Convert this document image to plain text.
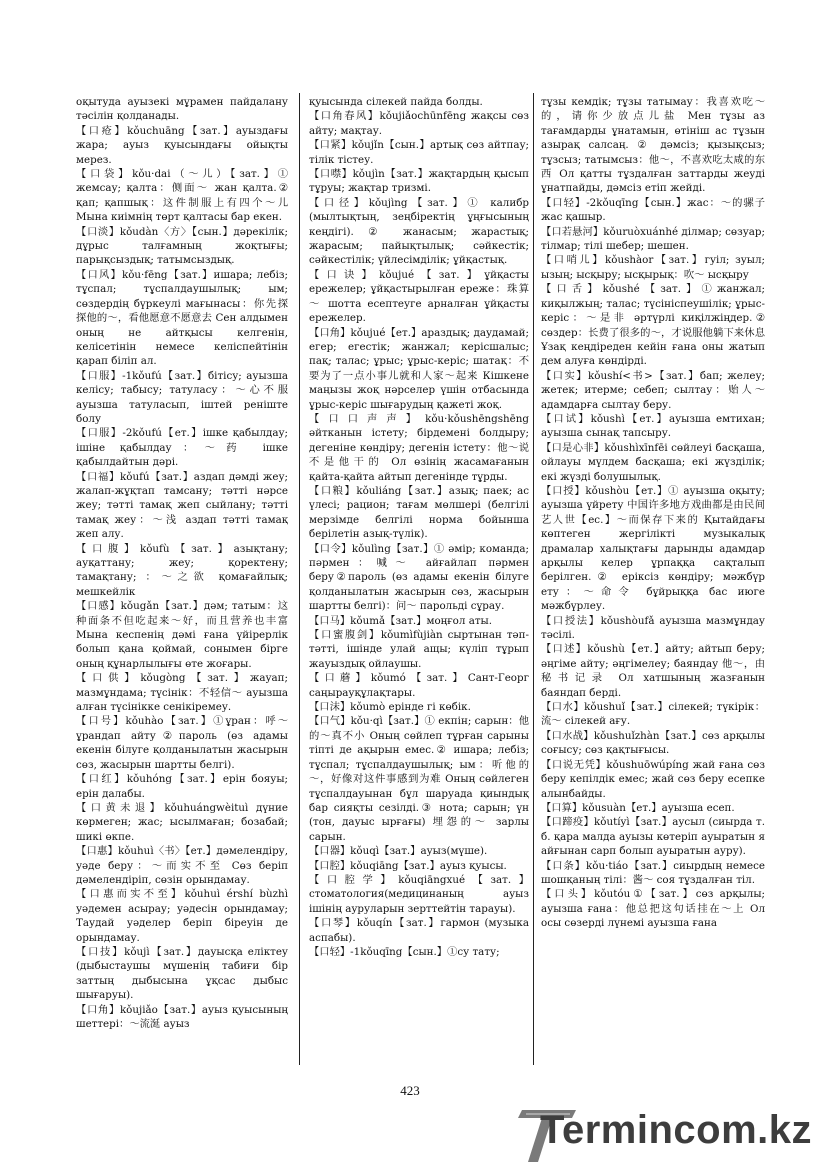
оқытуда ауызекі мұрамен пайдалану тәсілін қолданады.

【口疮】kǒuchuāng【зат.】ауыздағы жара; ауыз қуысындағы ойықты мерез.

【口袋】kǒu·dai（～儿）【зат.】① жемсау; қалта：侧面～ жан қалта.② қап; қапшық：这件制服上有四个～儿 Мына киімнің төрт қалтасы бар екен.

【口淡】kǒudàn〈方〉【сын.】дәрекілік; дұрыс талғамның жоқтығы; парықсыздық; татымсыздық.

【口风】kǒu·fēng【зат.】ишара; лебіз; тұспал; тұспалдаушылық; ым; сөздердің бүркеулі мағынасы：你先探探他的～，看他愿意不愿意去 Сен алдымен оның не айтқысы келгенін, келісетінін немесе келіспейтінін қарап біліп ал.

【口服】-1kǒufú【зат.】бітісу; ауызша келісу; табысу; татуласу：～心不服 ауызша татуласып, іштей реніште болу

【口服】-2kǒufú【ет.】ішке қабылдау; ішіне қабылдау：～药 ішке қабылдайтын дәрі.

【口福】kǒufú【зат.】аздап дәмді жеу; жалап-жұқтап тамсану; тәтті нәрсе жеу; тәтті тамақ жеп сыйлану; тәтті тамақ жеу：～浅 аздап тәтті тамақ жеп алу.

【口腹】kǒufù【зат.】азықтану; ауқаттану; жеу; қоректену; тамақтану; ：～之欲 қомағайлық; мешкейлік

【口感】kǒugǎn【зат.】дәм; татым：这种面条不但吃起来～好，而且营养也丰富 Мына кеспенің дәмі ғана үйірерлік болып қана қоймай, сонымен бірге оның құнарлылығы өте жоғары.

【口供】kǒugòng【зат.】жауап; мазмұндама; түсінік：不轻信～ ауызша алған түсінікке сенікіремеу.

【口号】kǒuhào【зат.】①ұран：呼～ ұрандап айту②пароль (өз адамы екенін білуге қолданылатын жасырын сөз, жасырын шартты белгі).

【口红】kǒuhóng【зат.】ерін бояуы; ерін далабы.

【口黄未退】kǒuhuángwèituì дүние көрмеген; жас; ысылмаған; бозабай; шикі өкпе.

【口惠】kǒuhuì〈书〉【ет.】дәмелендіру, уәде беру：～而实不至 Сөз беріп дәмелендіріп, сөзін орындамау.

【口惠而实不至】kǒuhuì érshí bùzhì уәдемен асырау; уәдесін орындамау; Таудай уәделер беріп біреуін де орындамау.

【口技】kǒujì【зат.】дауысқа еліктеу (дыбыстаушы мүшенің табиғи бір заттың дыбысына ұқсас дыбыс шығаруы).

【口角】kǒujiǎo【зат.】ауыз қуысының шеттері：～流涎 ауыз

қуысында сілекей пайда болды.

【口角春风】kǒujiǎochūnfēng жақсы сөз айту; мақтау.

【口紧】kǒujǐn【сын.】артық сөз айтпау; тілік тістеу.

【口噤】kǒujìn【зат.】жақтардың қысып тұруы; жақтар тризмі.

【口径】kǒujìng【зат.】① калибр (мылтықтың, зеңбіректің ұңғысының кеңдігі). ② жанасым; жарастық; жарасым; пайықтылық; сәйкестік; сәйкестілік; үйлесімділік; ұйқастық.

【口诀】kǒujué【зат.】ұйқасты ережелер; ұйқастырылған ереже：珠算～ шотта есептеуге арналған ұйқасты ережелер.

【口角】kǒujué【ет.】араздық; даудамай; егер; егестік; жанжал; керісшалыс; пақ; талас; ұрыс; ұрыс-керіс; шатақ：不要为了一点小事儿就和人家～起来 Кішкене маңызы жоқ нәрселер үшін отбасында ұрыс-керіс шығарудың қажеті жоқ.

【口口声声】kǒu·kǒushēngshēng әйтканын істету; бірдемені болдыру; дегеніне көндіру; дегенін істету：他～说不是他干的 Ол өзінің жасамағанын қайта-қайта айтып дегенінде тұрды.

【口粮】kǒuliáng【зат.】азық; паек; ас үлесі; рацион; тағам мөлшері (белгілі мерзімде белгілі норма бойынша берілетін азық-түлік).

【口令】kǒulìng【зат.】① әмір; команда; пәрмен：喊～ айғайлап пәрмен беру②пароль (өз адамы екенін білуге қолданылатын жасырын сөз, жасырын шартты белгі)：问～ парольді сұрау.

【口马】kǒumǎ【зат.】моңғол аты.

【口蜜腹剑】kǒumìfùjiàn сыртынан тәп-тәтті, ішінде улай ащы; күліп тұрып жауыздық ойлаушы.

【口蘑】kǒumó【зат.】Сант-Георг саңырауқұлақтары.

【口沫】kǒumò ерінде гі көбік.

【口气】kǒu·qì【зат.】① екпін; сарын：他的～真不小 Оның сөйлеп тұрған сарыны тіпті де ақырын емес.② ишара; лебіз; тұспал; тұспалдаушылық; ым：听他的～，好像对这件事感到为难 Оның сөйлеген тұспалдауынан бұл шаруада қиындық бар сияқты сезілді.③ нота; сарын; үн (тон, дауыс ырғағы) 埋怨的～ зарлы сарын.

【口器】kǒuqì【зат.】ауыз(мүше).

【口腔】kǒuqiāng【зат.】ауыз қуысы.

【口腔学】kǒuqiāngxué【зат.】стоматология(медицинаның ауыз ішінің ауруларын зерттейтін тарауы).

【口琴】kǒuqín【зат.】гармон (музыка аспабы).

【口轻】-1kǒuqīng【сын.】①су тату;

тұзы кемдік; тұзы татымау：我喜欢吃～的，请你少放点儿盐 Мен тұзы аз тағамдарды ұнатамын, өтініш ас тұзын азырақ салсаң. ② дәмсіз; қызықсыз; тұзсыз; татымсыз：他～，不喜欢吃太咸的东西 Ол қатты тұздалған заттарды жеуді ұнатпайды, дәмсіз етіп жейді.

【口轻】-2kǒuqīng【сын.】жас：～的骡子 жас қашыр.

【口若悬河】kǒuruòxuánhé ділмар; сөзуар; тілмар; тілі шебер; шешен.

【口哨儿】kǒushàor【зат.】гуіл; зуыл; ызың; ысқыру; ысқырық：吹～ ысқыру

【口舌】kǒushé【зат.】①жанжал; киқылжың; талас; түсініспеушілік; ұрыс-керіс：～是非 әртүрлі киқілжіңдер.② сөздер：长费了很多的～，才说服他躺下来休息 Ұзақ кеңдіреден кейін ғана оны жатып дем алуға көндірді.

【口实】kǒushí<书>【зат.】бап; желеу; жетек; итерме; себеп; сылтау：贻人～ адамдарға сылтау беру.

【口试】kǒushì【ет.】ауызша емтихан; ауызша сынақ тапсыру.

【口是心非】kǒushìxīnfēi сөйлеуі басқаша, ойлауы мүлдем басқаша; екі жүзділік; екі жүзді болушылық.

【口授】kǒushòu【ет.】① ауызша оқыту; ауызша үйрету 中国许多地方戏曲都是由民间艺人世【ес.】～而保存下来的 Қытайдағы көптеген жергілікті музыкалық драмалар халықтағы дарынды адамдар арқылы келер ұрпаққа сақталып берілген.② еріксіз көндіру; мәжбүр ету：～命令 бұйрыққа бас июге мәжбүрлеу.

【口授法】kǒushòufǎ ауызша мазмұндау тәсілі.

【口述】kǒushù【ет.】айту; айтып беру; әңгіме айту; әңгімелеу; баяндау 他～，由秘书记录 Ол хатшының жазғанын баяндап берді.

【口水】kǒushuǐ【зат.】сілекей; түкірік：流～ сілекей ағу.

【口水战】kǒushuǐzhàn【зат.】сөз арқылы соғысу; сөз қақтығысы.

【口说无凭】kǒushuōwúpíng жай ғана сөз беру кепілдік емес; жай сөз беру есепке алынбайды.

【口算】kǒusuàn【ет.】ауызша есеп.

【口蹄疫】kǒutíyì【зат.】аусыл (сиырда т. б. қара малда ауызы көтеріп ауыратын я айғынан сарп болып ауыратын ауру).

【口条】kǒu·tiáo【зат.】сиырдың немесе шошқаның тілі：酱～ соя тұздалған тіл.

【口头】kǒutóu①【зат.】сөз арқылы; ауызша ғана：他总把这句话挂在～上 Ол осы сөзерді лүнемі ауызша ғана

423
Termincom.kz
